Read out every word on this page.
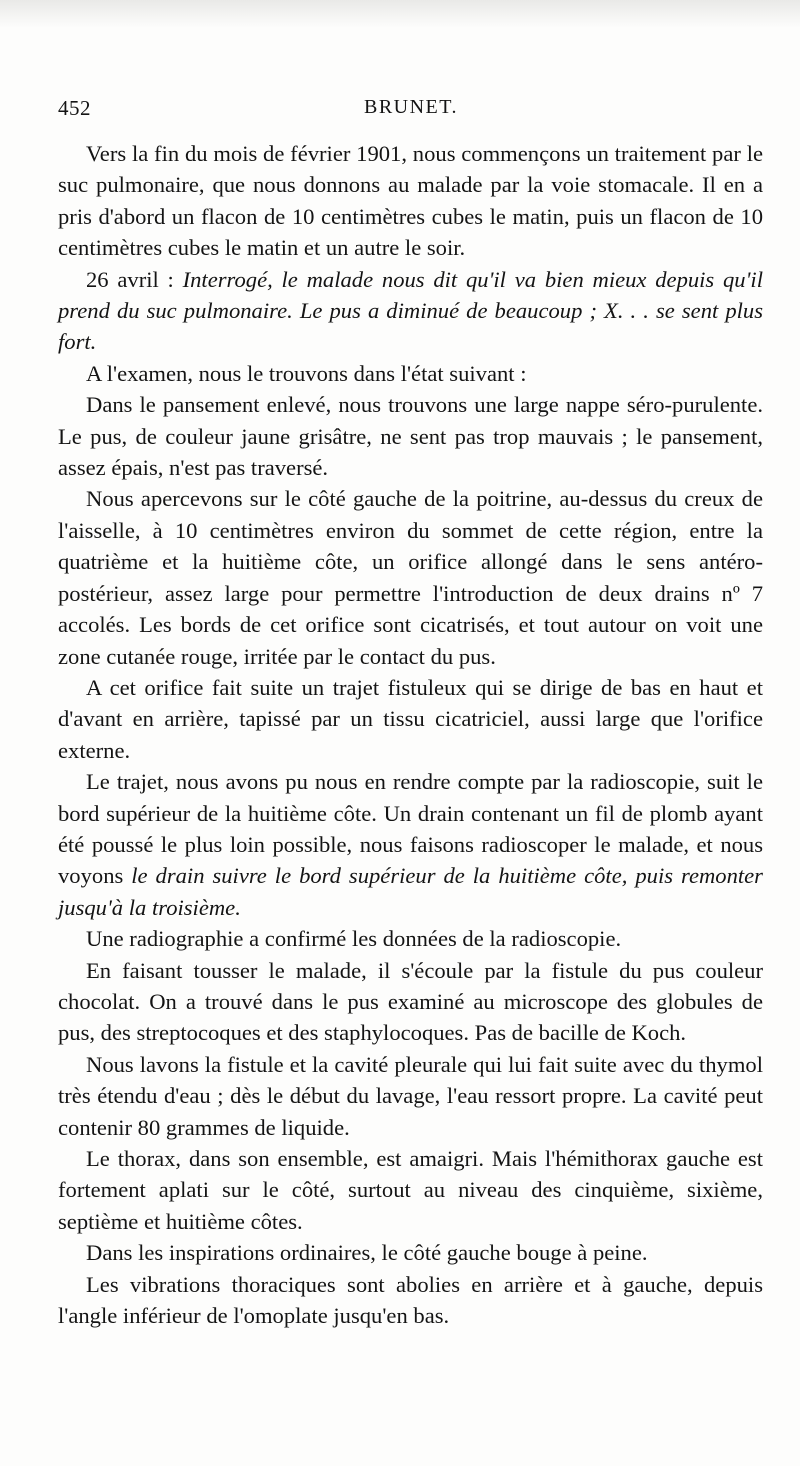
452	BRUNET.

Vers la fin du mois de février 1901, nous commençons un traitement par le suc pulmonaire, que nous donnons au malade par la voie stomacale. Il en a pris d'abord un flacon de 10 centimètres cubes le matin, puis un flacon de 10 centimètres cubes le matin et un autre le soir.

26 avril : Interrogé, le malade nous dit qu'il va bien mieux depuis qu'il prend du suc pulmonaire. Le pus a diminué de beaucoup ; X. . . se sent plus fort.

A l'examen, nous le trouvons dans l'état suivant :

Dans le pansement enlevé, nous trouvons une large nappe séro-purulente. Le pus, de couleur jaune grisâtre, ne sent pas trop mauvais ; le pansement, assez épais, n'est pas traversé.

Nous apercevons sur le côté gauche de la poitrine, au-dessus du creux de l'aisselle, à 10 centimètres environ du sommet de cette région, entre la quatrième et la huitième côte, un orifice allongé dans le sens antéro-postérieur, assez large pour permettre l'introduction de deux drains nº 7 accolés. Les bords de cet orifice sont cicatrisés, et tout autour on voit une zone cutanée rouge, irritée par le contact du pus.

A cet orifice fait suite un trajet fistuleux qui se dirige de bas en haut et d'avant en arrière, tapissé par un tissu cicatriciel, aussi large que l'orifice externe.

Le trajet, nous avons pu nous en rendre compte par la radioscopie, suit le bord supérieur de la huitième côte. Un drain contenant un fil de plomb ayant été poussé le plus loin possible, nous faisons radioscoper le malade, et nous voyons le drain suivre le bord supérieur de la huitième côte, puis remonter jusqu'à la troisième.

Une radiographie a confirmé les données de la radioscopie.

En faisant tousser le malade, il s'écoule par la fistule du pus couleur chocolat. On a trouvé dans le pus examiné au microscope des globules de pus, des streptocoques et des staphylocoques. Pas de bacille de Koch.

Nous lavons la fistule et la cavité pleurale qui lui fait suite avec du thymol très étendu d'eau ; dès le début du lavage, l'eau ressort propre. La cavité peut contenir 80 grammes de liquide.

Le thorax, dans son ensemble, est amaigri. Mais l'hémithorax gauche est fortement aplati sur le côté, surtout au niveau des cinquième, sixième, septième et huitième côtes.

Dans les inspirations ordinaires, le côté gauche bouge à peine.

Les vibrations thoraciques sont abolies en arrière et à gauche, depuis l'angle inférieur de l'omoplate jusqu'en bas.
